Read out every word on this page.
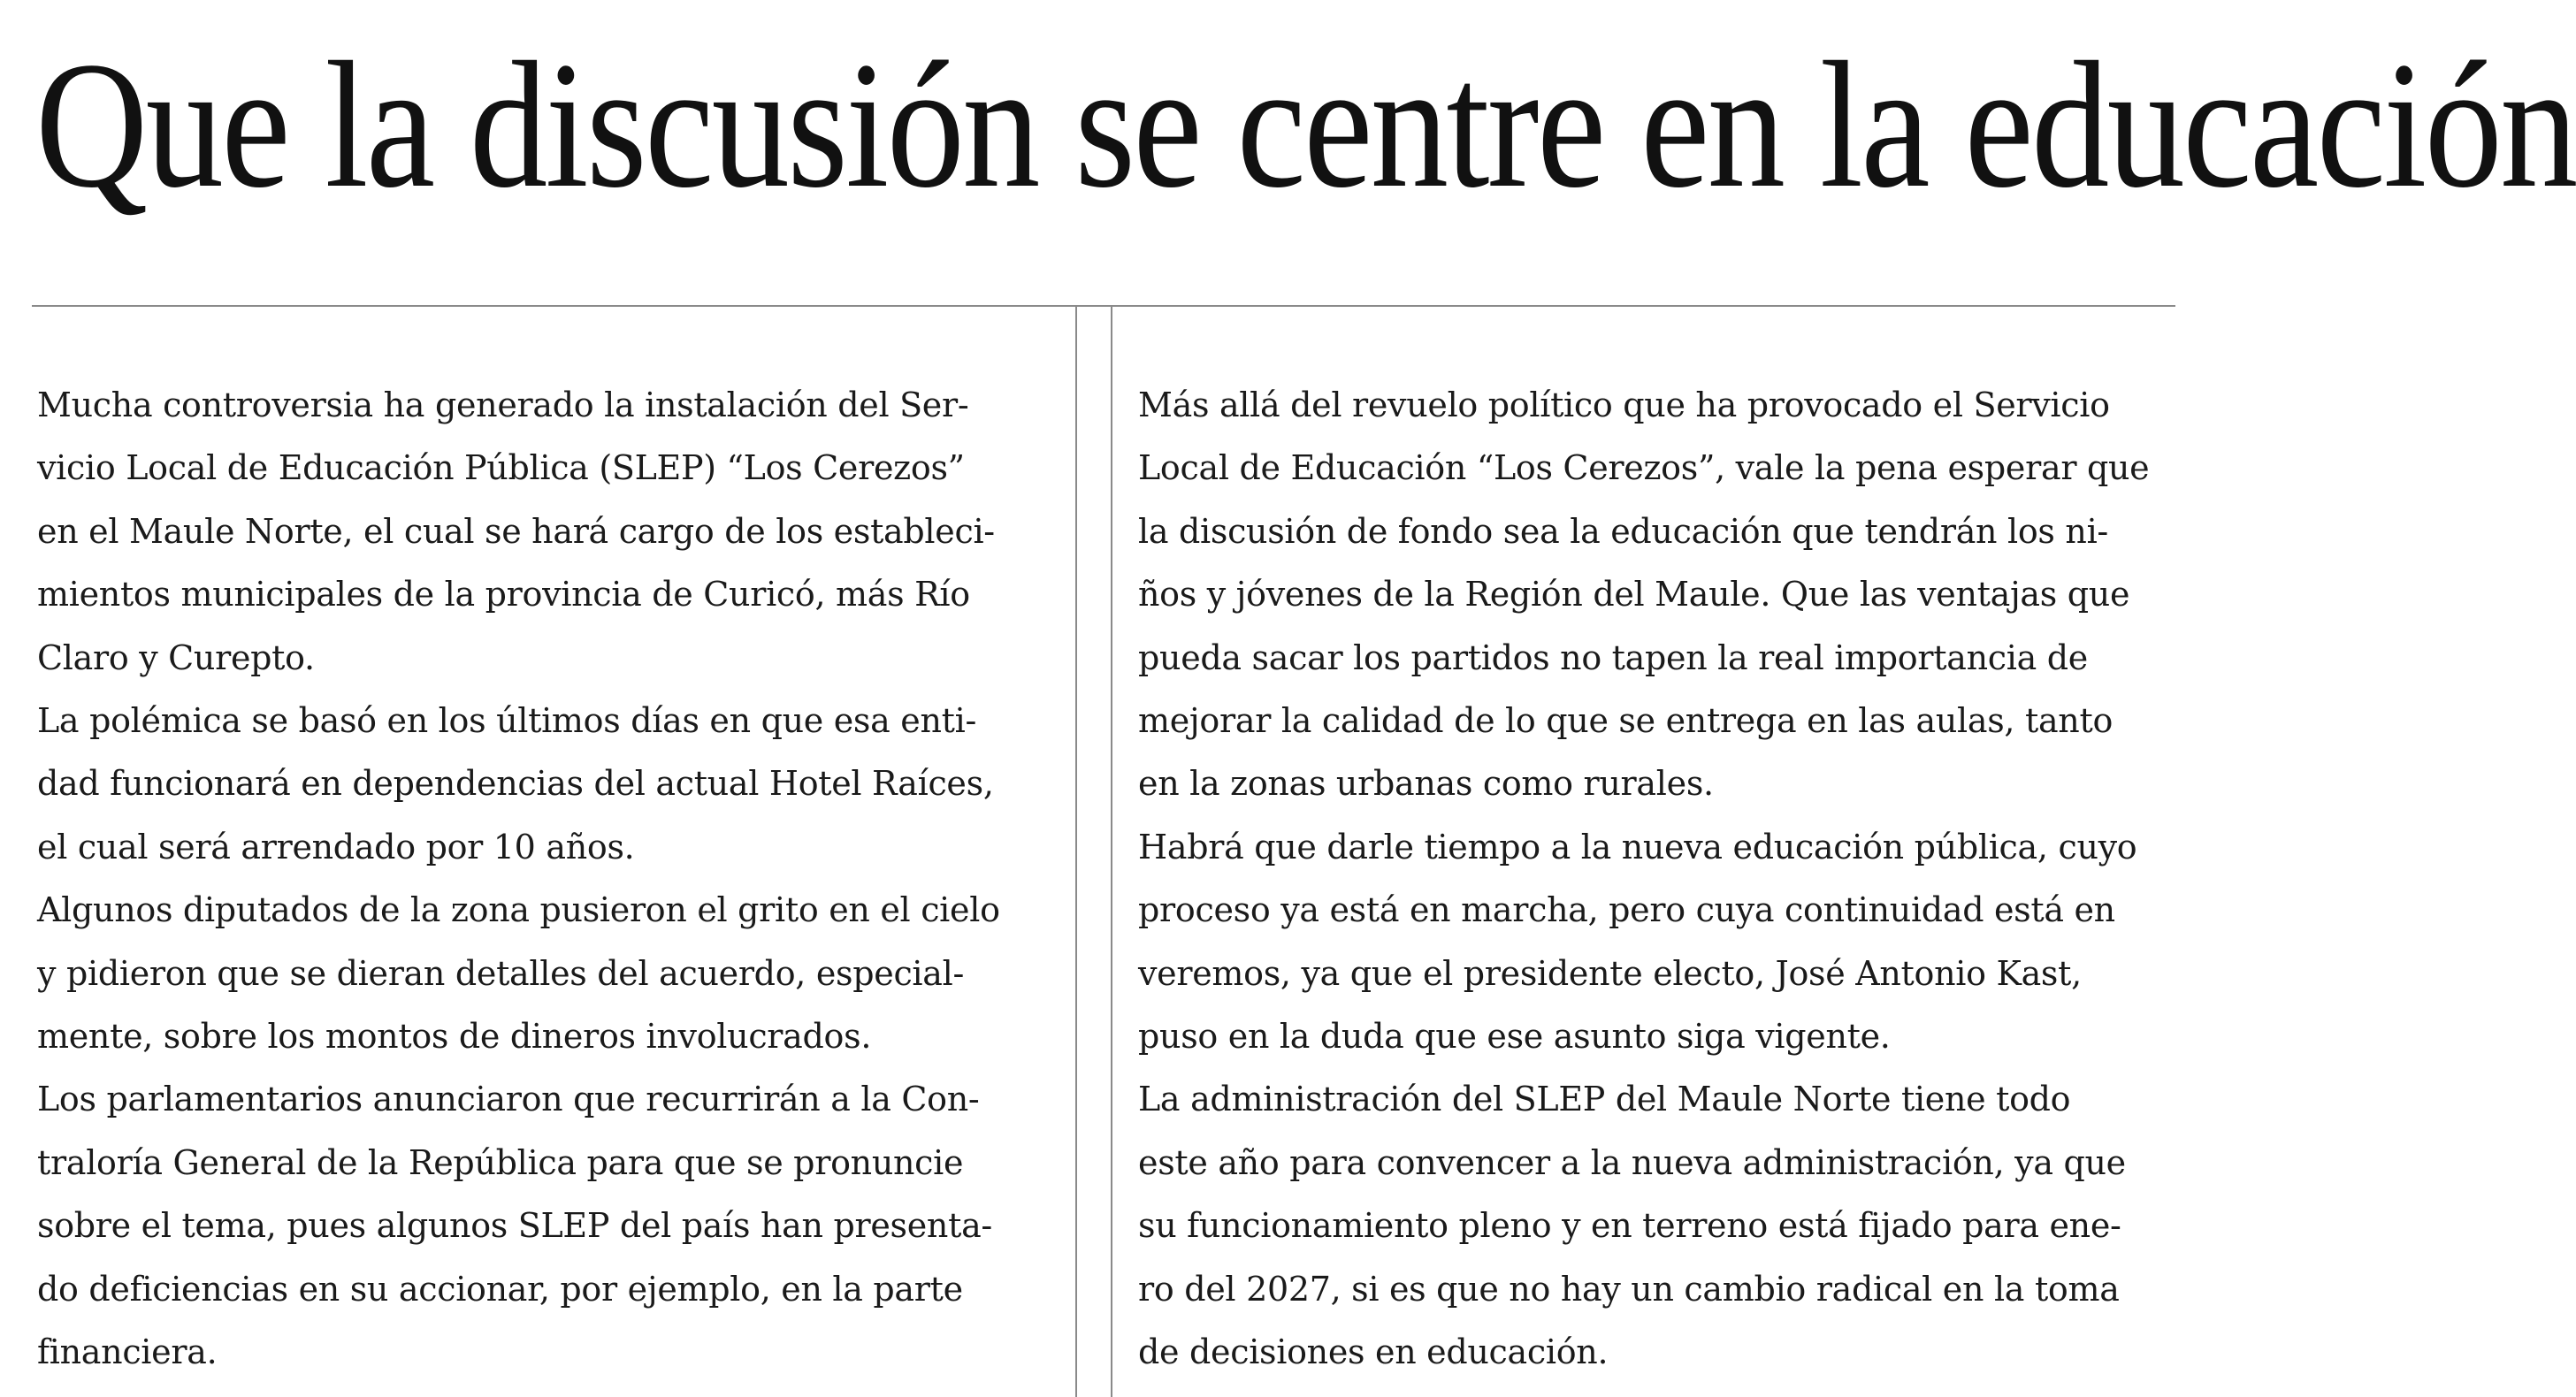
Que la discusión se centre en la educación

Mucha controversia ha generado la instalación del Ser-
vicio Local de Educación Pública (SLEP) “Los Cerezos”
en el Maule Norte, el cual se hará cargo de los estableci-
mientos municipales de la provincia de Curicó, más Río
Claro y Curepto.

La polémica se basó en los últimos días en que esa enti-
dad funcionará en dependencias del actual Hotel Raíces,
el cual será arrendado por 10 años.

Algunos diputados de la zona pusieron el grito en el cielo
y pidieron que se dieran detalles del acuerdo, especial-
mente, sobre los montos de dineros involucrados.

Los parlamentarios anunciaron que recurrirán a la Con-
traloría General de la República para que se pronuncie
sobre el tema, pues algunos SLEP del país han presenta-
do deficiencias en su accionar, por ejemplo, en la parte
financiera.

Más allá del revuelo político que ha provocado el Servicio
Local de Educación “Los Cerezos”, vale la pena esperar que
la discusión de fondo sea la educación que tendrán los ni-
ños y jóvenes de la Región del Maule. Que las ventajas que
pueda sacar los partidos no tapen la real importancia de
mejorar la calidad de lo que se entrega en las aulas, tanto
en la zonas urbanas como rurales.

Habrá que darle tiempo a la nueva educación pública, cuyo
proceso ya está en marcha, pero cuya continuidad está en
veremos, ya que el presidente electo, José Antonio Kast,
puso en la duda que ese asunto siga vigente.

La administración del SLEP del Maule Norte tiene todo
este año para convencer a la nueva administración, ya que
su funcionamiento pleno y en terreno está fijado para ene-
ro del 2027, si es que no hay un cambio radical en la toma
de decisiones en educación.
